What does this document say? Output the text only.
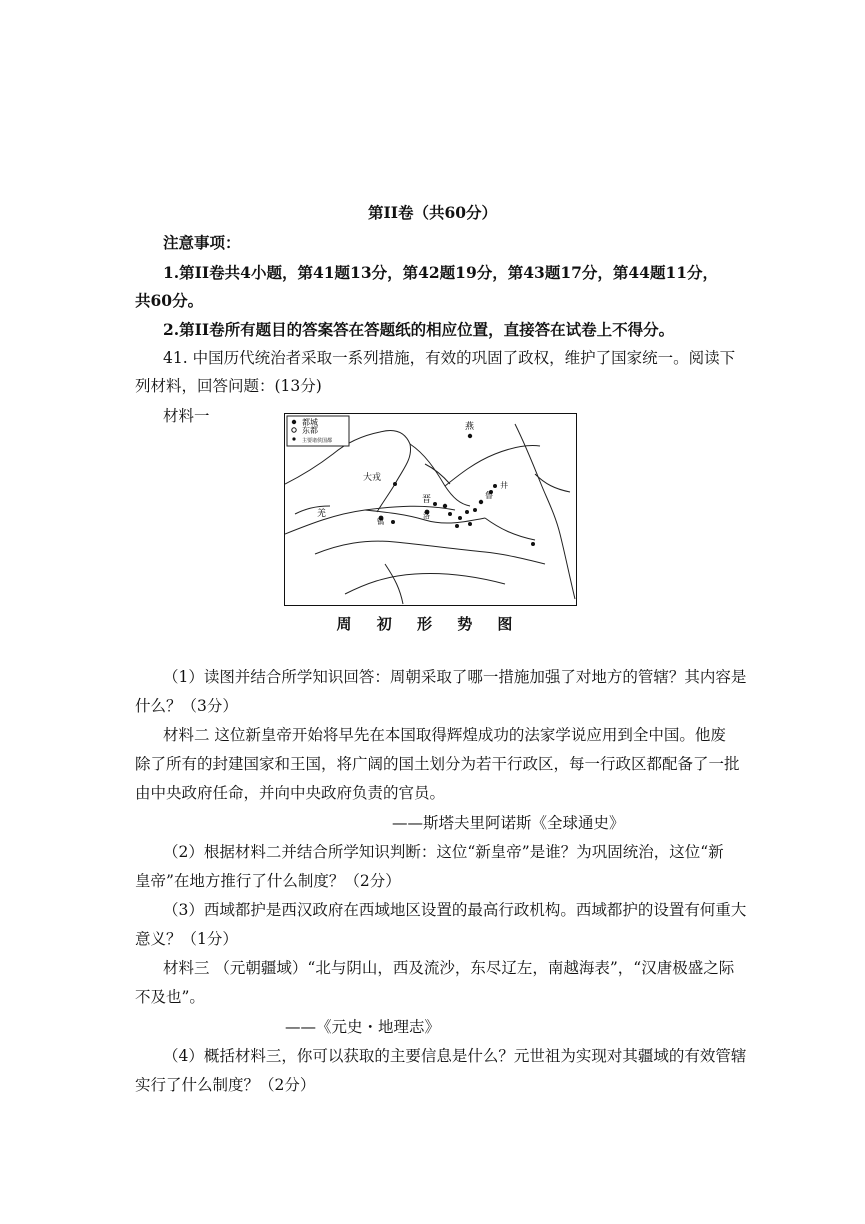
第II卷（共60分）
注意事项：
1.第II卷共4小题，第41题13分，第42题19分，第43题17分，第44题11分，
共60分。
2.第II卷所有题目的答案答在答题纸的相应位置，直接答在试卷上不得分。
41. 中国历代统治者采取一系列措施，有效的巩固了政权，维护了国家统一。阅读下
列材料，回答问题：(13分)
材料一	都城
东都
主要诸侯国都
燕
大戎
晋
井
鲁
羌
镐
洛
周 初 形 势 图
（1）读图并结合所学知识回答：周朝采取了哪一措施加强了对地方的管辖？其内容是
什么？（3分）
材料二 这位新皇帝开始将早先在本国取得辉煌成功的法家学说应用到全中国。他废
除了所有的封建国家和王国，将广阔的国土划分为若干行政区，每一行政区都配备了一批
由中央政府任命，并向中央政府负责的官员。
——斯塔夫里阿诺斯《全球通史》
（2）根据材料二并结合所学知识判断：这位“新皇帝”是谁？为巩固统治，这位“新
皇帝”在地方推行了什么制度？（2分）
（3）西域都护是西汉政府在西域地区设置的最高行政机构。西域都护的设置有何重大
意义？（1分）
材料三 （元朝疆域）“北与阴山，西及流沙，东尽辽左，南越海表”，“汉唐极盛之际
不及也”。
——《元史・地理志》
（4）概括材料三，你可以获取的主要信息是什么？元世祖为实现对其疆域的有效管辖
实行了什么制度？（2分）
